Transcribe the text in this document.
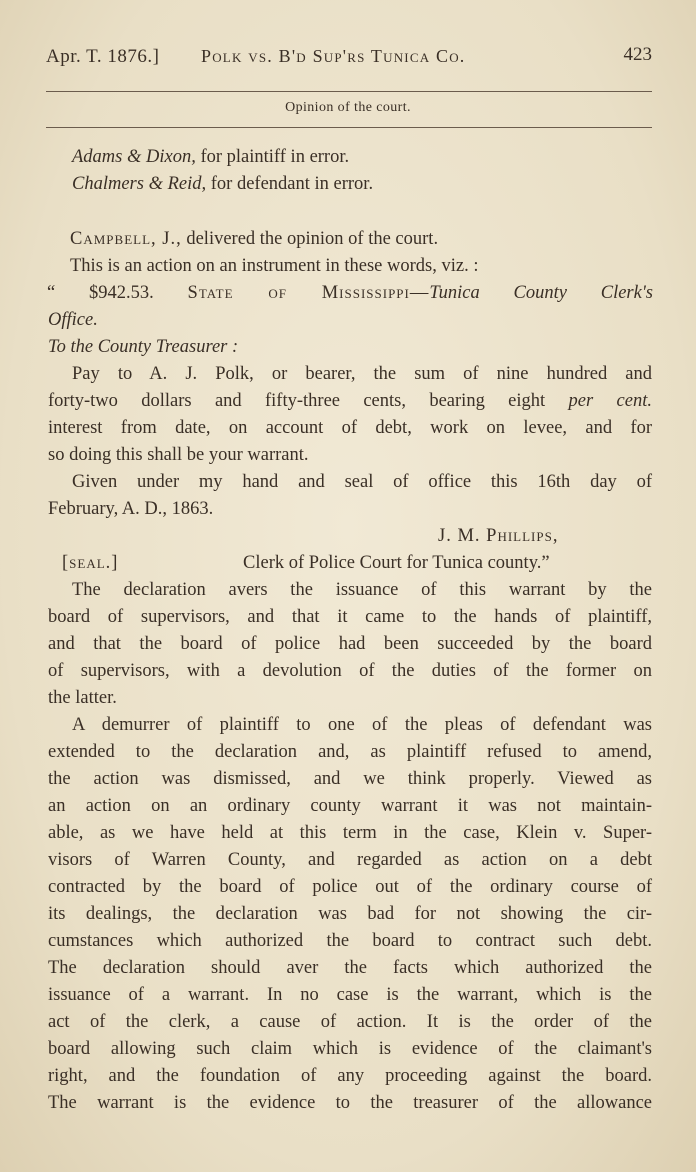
Apr. T. 1876.] Polk vs. B'd Sup'rs Tunica Co.	423
Opinion of the court.
Adams & Dixon, for plaintiff in error.
Chalmers & Reid, for defendant in error.
Campbell, J., delivered the opinion of the court.
This is an action on an instrument in these words, viz. :
“ $942.53. State of Mississippi—Tunica County Clerk's
Office.
To the County Treasurer :
Pay to A. J. Polk, or bearer, the sum of nine hundred and
forty-two dollars and fifty-three cents, bearing eight per cent.
interest from date, on account of debt, work on levee, and for
so doing this shall be your warrant.
Given under my hand and seal of office this 16th day of
February, A. D., 1863.
J. M. Phillips,
[seal.]	Clerk of Police Court for Tunica county.”
The declaration avers the issuance of this warrant by the
board of supervisors, and that it came to the hands of plaintiff,
and that the board of police had been succeeded by the board
of supervisors, with a devolution of the duties of the former on
the latter.
A demurrer of plaintiff to one of the pleas of defendant was
extended to the declaration and, as plaintiff refused to amend,
the action was dismissed, and we think properly. Viewed as
an action on an ordinary county warrant it was not maintain-
able, as we have held at this term in the case, Klein v. Super-
visors of Warren County, and regarded as action on a debt
contracted by the board of police out of the ordinary course of
its dealings, the declaration was bad for not showing the cir-
cumstances which authorized the board to contract such debt.
The declaration should aver the facts which authorized the
issuance of a warrant. In no case is the warrant, which is the
act of the clerk, a cause of action. It is the order of the
board allowing such claim which is evidence of the claimant's
right, and the foundation of any proceeding against the board.
The warrant is the evidence to the treasurer of the allowance
